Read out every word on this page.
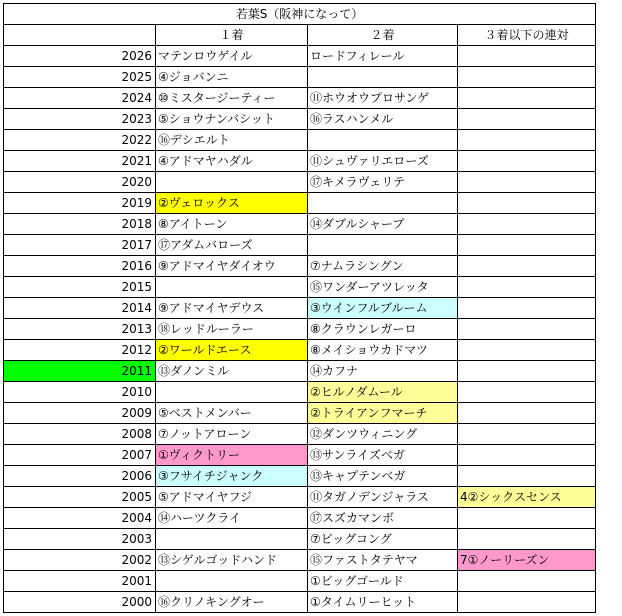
若葉S（阪神になって）			
	１着	２着	３着以下の連対
2026	マテンロウゲイル	ロードフィレール	
2025	④ジョバンニ		
2024	⑩ミスタージーティー	⑪ホウオウプロサンゲ	
2023	⑤ショウナンバシット	⑯ラスハンメル	
2022	⑯デシエルト		
2021	④アドマヤハダル	⑪シュヴァリエローズ	
2020		⑰キメラヴェリテ	
2019	②ヴェロックス		
2018	⑧アイトーン	⑭ダブルシャープ	
2017	⑰アダムバローズ		
2016	⑨アドマイヤダイオウ	⑦ナムラシングン	
2015		⑮ワンダーアツレッタ	
2014	⑨アドマイヤデウス	③ウインフルブルーム	
2013	⑱レッドルーラー	⑧クラウンレガーロ	
2012	②ワールドエース	⑧メイショウカドマツ	
2011	⑬ダノンミル	⑭カフナ	
2010		②ヒルノダムール	
2009	⑤ベストメンバー	②トライアンフマーチ	
2008	⑦ノットアローン	⑫ダンツウィニング	
2007	①ヴィクトリー	⑬サンライズベガ	
2006	③フサイチジャンク	⑬キャプテンベガ	
2005	⑤アドマイヤフジ	⑪タガノデンジャラス	4②シックスセンス
2004	⑭ハーツクライ	⑰スズカマンボ	
2003		⑦ビッグコング	
2002	⑬シゲルゴッドハンド	⑮ファストタテヤマ	7①ノーリーズン
2001		①ビッグゴールド	
2000	⑯クリノキングオー	①タイムリーヒット	
